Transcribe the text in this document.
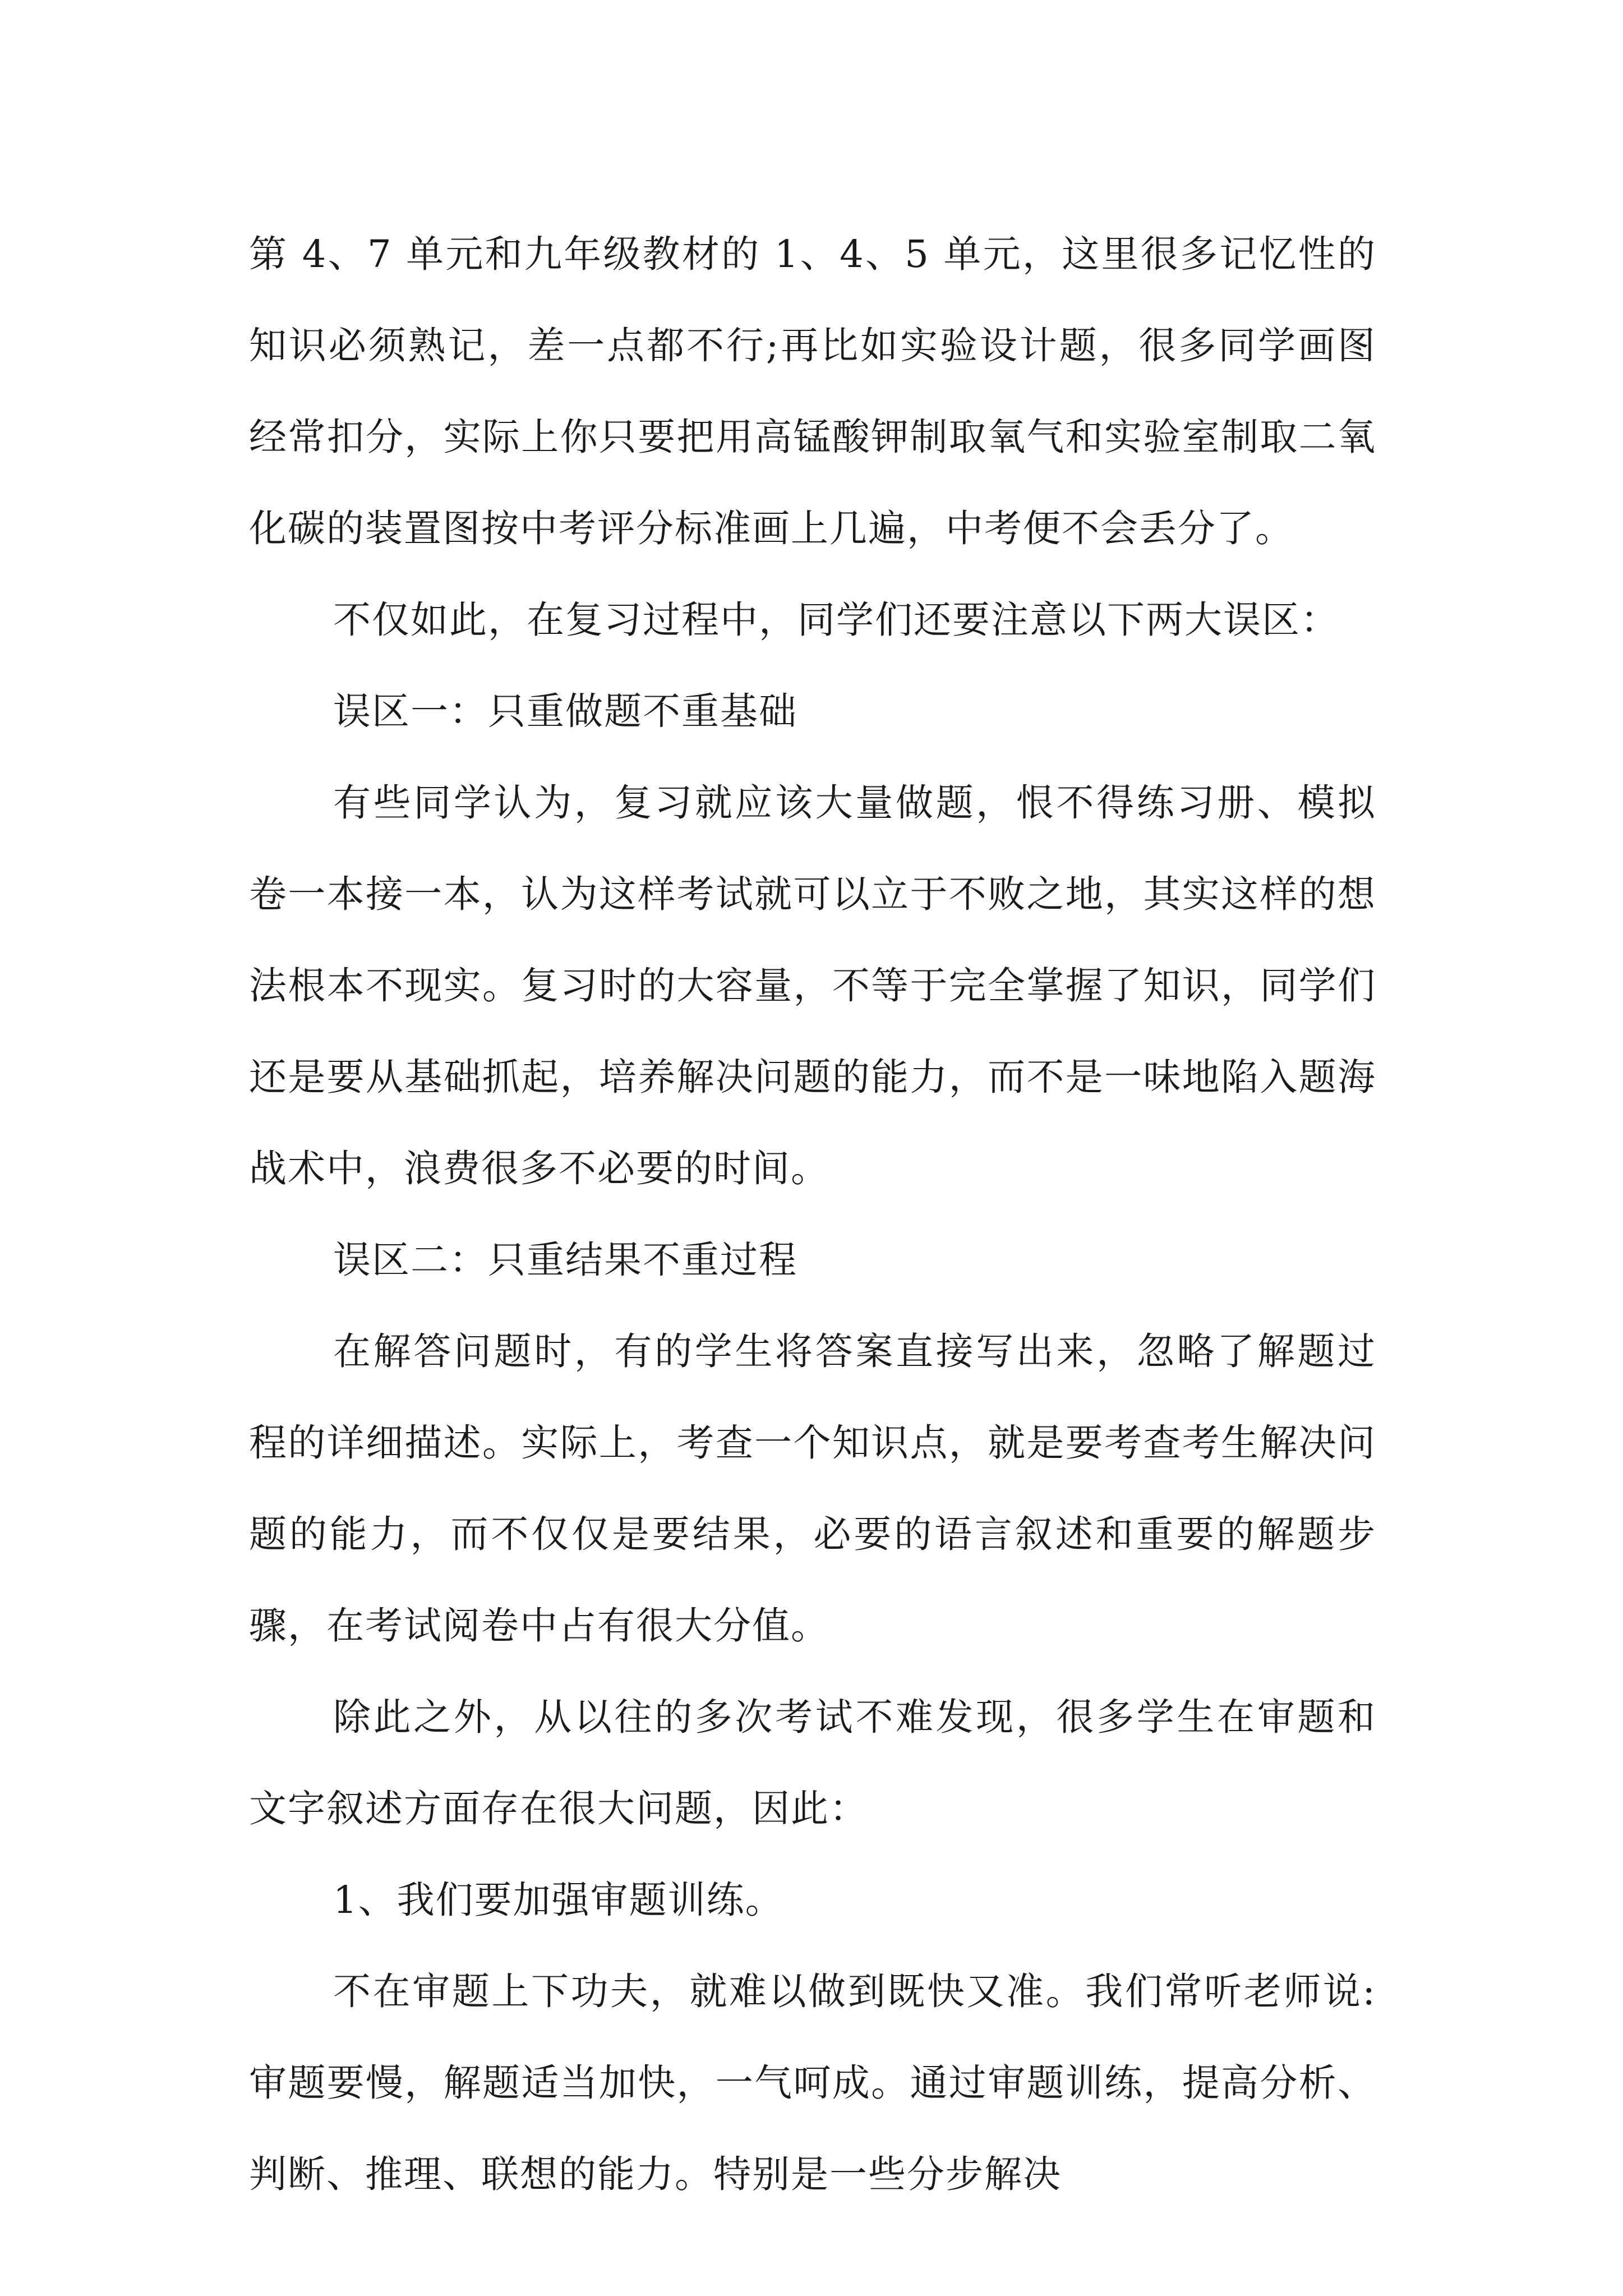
第 4、7 单元和九年级教材的 1、4、5 单元，这里很多记忆性的知识必须熟记，差一点都不行;再比如实验设计题，很多同学画图经常扣分，实际上你只要把用高锰酸钾制取氧气和实验室制取二氧化碳的装置图按中考评分标准画上几遍，中考便不会丢分了。

不仅如此，在复习过程中，同学们还要注意以下两大误区：

误区一：只重做题不重基础

有些同学认为，复习就应该大量做题，恨不得练习册、模拟卷一本接一本，认为这样考试就可以立于不败之地，其实这样的想法根本不现实。复习时的大容量，不等于完全掌握了知识，同学们还是要从基础抓起，培养解决问题的能力，而不是一味地陷入题海战术中，浪费很多不必要的时间。

误区二：只重结果不重过程

在解答问题时，有的学生将答案直接写出来，忽略了解题过程的详细描述。实际上，考查一个知识点，就是要考查考生解决问题的能力，而不仅仅是要结果，必要的语言叙述和重要的解题步骤，在考试阅卷中占有很大分值。

除此之外，从以往的多次考试不难发现，很多学生在审题和文字叙述方面存在很大问题，因此：

1、我们要加强审题训练。

不在审题上下功夫，就难以做到既快又准。我们常听老师说: 审题要慢，解题适当加快，一气呵成。通过审题训练，提高分析、判断、推理、联想的能力。特别是一些分步解决
